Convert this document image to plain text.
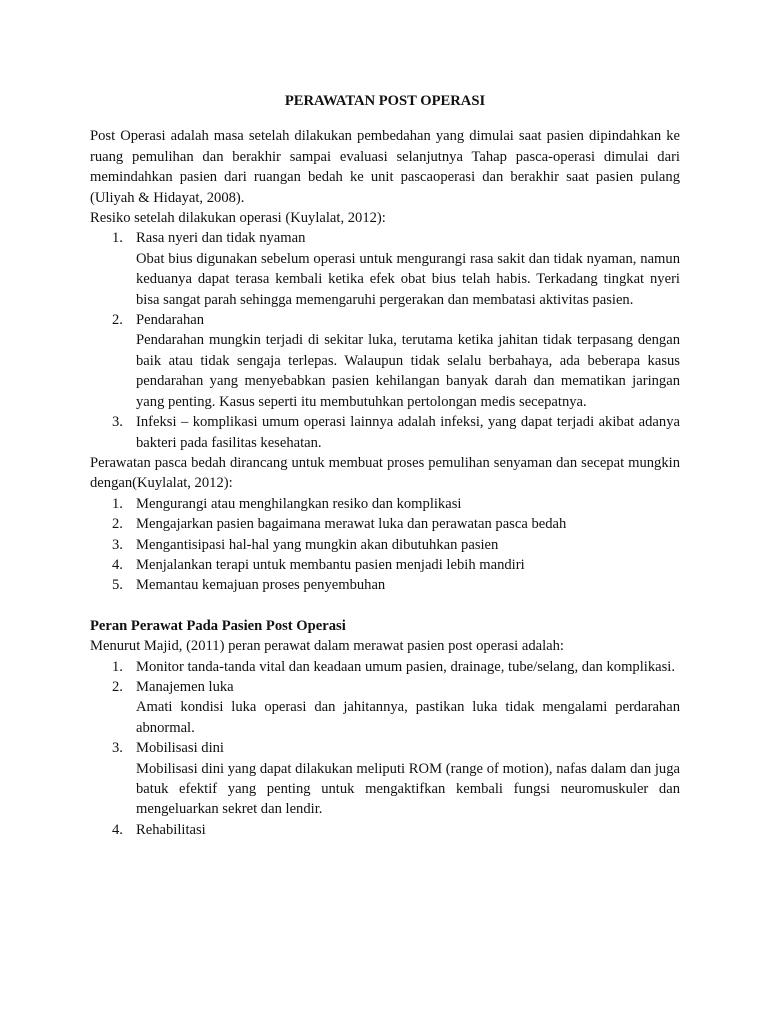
PERAWATAN POST OPERASI

Post Operasi adalah masa setelah dilakukan pembedahan yang dimulai saat pasien dipindahkan ke ruang pemulihan dan berakhir sampai evaluasi selanjutnya Tahap pasca-operasi dimulai dari memindahkan pasien dari ruangan bedah ke unit pascaoperasi dan berakhir saat pasien pulang (Uliyah & Hidayat, 2008).

Resiko setelah dilakukan operasi (Kuylalat, 2012):

1. Rasa nyeri dan tidak nyaman
Obat bius digunakan sebelum operasi untuk mengurangi rasa sakit dan tidak nyaman, namun keduanya dapat terasa kembali ketika efek obat bius telah habis. Terkadang tingkat nyeri bisa sangat parah sehingga memengaruhi pergerakan dan membatasi aktivitas pasien.
2. Pendarahan
Pendarahan mungkin terjadi di sekitar luka, terutama ketika jahitan tidak terpasang dengan baik atau tidak sengaja terlepas. Walaupun tidak selalu berbahaya, ada beberapa kasus pendarahan yang menyebabkan pasien kehilangan banyak darah dan mematikan jaringan yang penting. Kasus seperti itu membutuhkan pertolongan medis secepatnya.
3. Infeksi – komplikasi umum operasi lainnya adalah infeksi, yang dapat terjadi akibat adanya bakteri pada fasilitas kesehatan.

Perawatan pasca bedah dirancang untuk membuat proses pemulihan senyaman dan secepat mungkin dengan(Kuylalat, 2012):

1. Mengurangi atau menghilangkan resiko dan komplikasi
2. Mengajarkan pasien bagaimana merawat luka dan perawatan pasca bedah
3. Mengantisipasi hal-hal yang mungkin akan dibutuhkan pasien
4. Menjalankan terapi untuk membantu pasien menjadi lebih mandiri
5. Memantau kemajuan proses penyembuhan

Peran Perawat Pada Pasien Post Operasi

Menurut Majid, (2011) peran perawat dalam merawat pasien post operasi adalah:

1. Monitor tanda-tanda vital dan keadaan umum pasien, drainage, tube/selang, dan komplikasi.
2. Manajemen luka
Amati kondisi luka operasi dan jahitannya, pastikan luka tidak mengalami perdarahan abnormal.
3. Mobilisasi dini
Mobilisasi dini yang dapat dilakukan meliputi ROM (range of motion), nafas dalam dan juga batuk efektif yang penting untuk mengaktifkan kembali fungsi neuromuskuler dan mengeluarkan sekret dan lendir.
4. Rehabilitasi
